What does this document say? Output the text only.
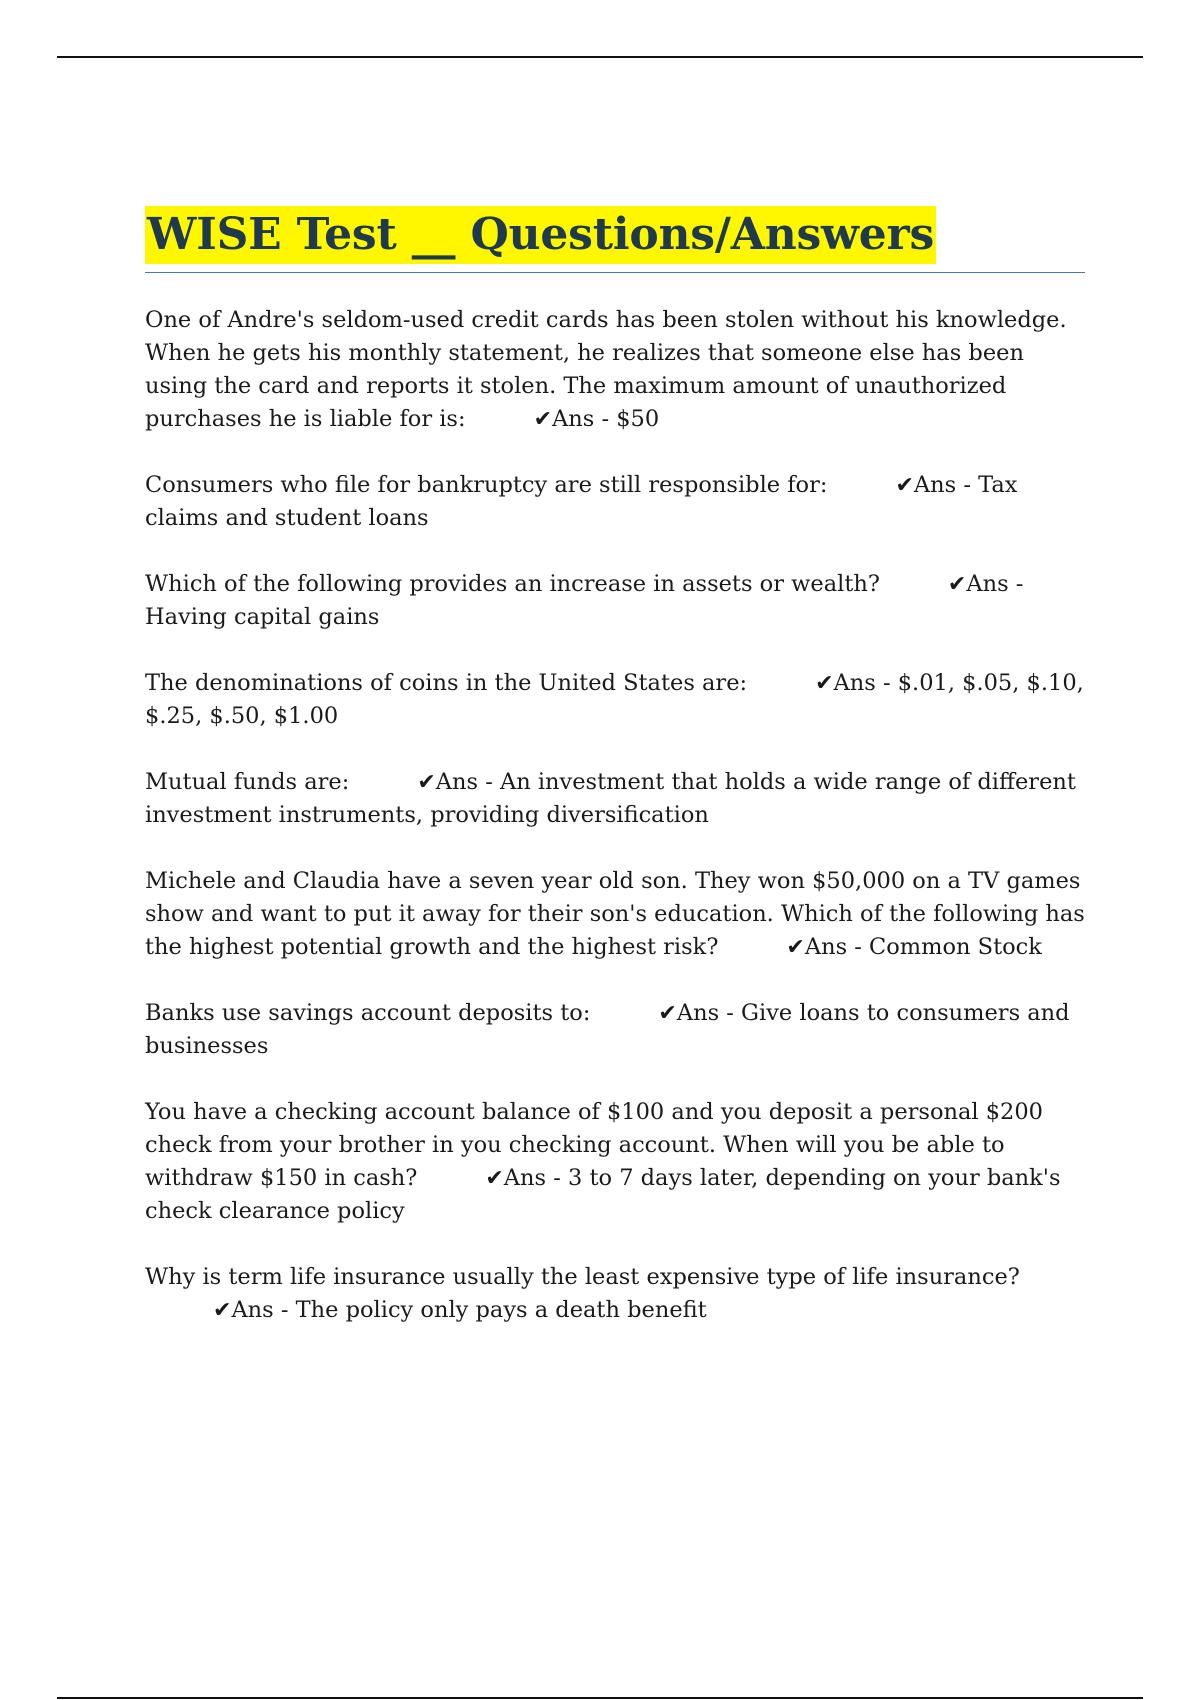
WISE Test __ Questions/Answers

One of Andre's seldom-used credit cards has been stolen without his knowledge. When he gets his monthly statement, he realizes that someone else has been using the card and reports it stolen. The maximum amount of unauthorized purchases he is liable for is:	✔Ans - $50

Consumers who file for bankruptcy are still responsible for:	✔Ans - Tax claims and student loans

Which of the following provides an increase in assets or wealth?	✔Ans - Having capital gains

The denominations of coins in the United States are:	✔Ans - $.01, $.05, $.10, $.25, $.50, $1.00

Mutual funds are:	✔Ans - An investment that holds a wide range of different investment instruments, providing diversification

Michele and Claudia have a seven year old son. They won $50,000 on a TV games show and want to put it away for their son's education. Which of the following has the highest potential growth and the highest risk?	✔Ans - Common Stock

Banks use savings account deposits to:	✔Ans - Give loans to consumers and businesses

You have a checking account balance of $100 and you deposit a personal $200 check from your brother in you checking account. When will you be able to withdraw $150 in cash?	✔Ans - 3 to 7 days later, depending on your bank's check clearance policy

Why is term life insurance usually the least expensive type of life insurance?✔Ans - The policy only pays a death benefit
